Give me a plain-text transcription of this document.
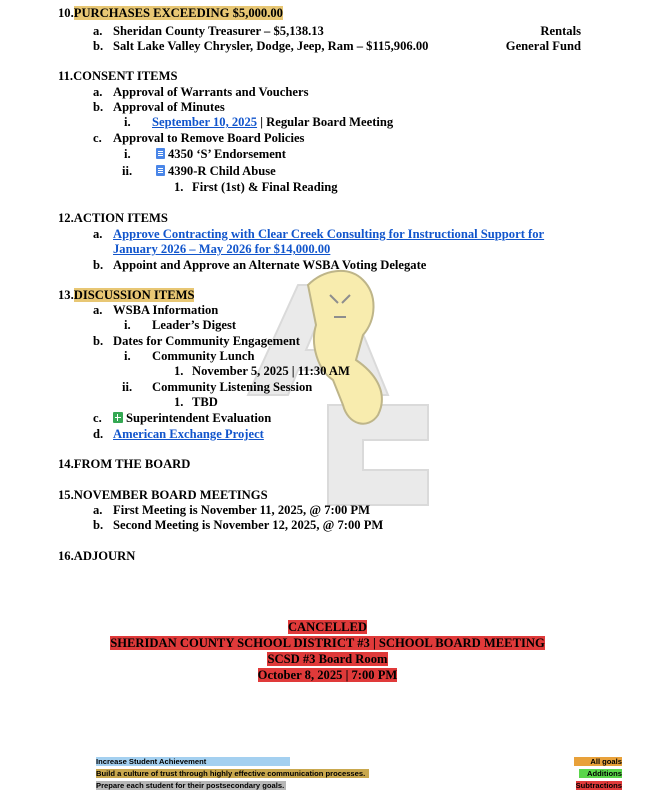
10.PURCHASES EXCEEDING $5,000.00
a. Sheridan County Treasurer – $5,138.13	Rentals
b. Salt Lake Valley Chrysler, Dodge, Jeep, Ram – $115,906.00	General Fund
11.CONSENT ITEMS
a. Approval of Warrants and Vouchers
b. Approval of Minutes
i. September 10, 2025 | Regular Board Meeting
c. Approval to Remove Board Policies
i.	4350 ‘S’ Endorsement
ii.	4390-R Child Abuse
1. First (1st) & Final Reading
12.ACTION ITEMS
a. Approve Contracting with Clear Creek Consulting for Instructional Support for
January 2026 – May 2026 for $14,000.00
b. Appoint and Approve an Alternate WSBA Voting Delegate
13.DISCUSSION ITEMS
a. WSBA Information
i. Leader’s Digest
b. Dates for Community Engagement
i. Community Lunch
1. November 5, 2025 | 11:30 AM
ii. Community Listening Session
1. TBD
c.	Superintendent Evaluation
d. American Exchange Project
14.FROM THE BOARD
15.NOVEMBER BOARD MEETINGS
a. First Meeting is November 11, 2025, @ 7:00 PM
b. Second Meeting is November 12, 2025, @ 7:00 PM
16.ADJOURN
CANCELLED
SHERIDAN COUNTY SCHOOL DISTRICT #3 | SCHOOL BOARD MEETING
SCSD #3 Board Room
October 8, 2025 | 7:00 PM
Increase Student Achievement
Build a culture of trust through highly effective communication processes.
Prepare each student for their postsecondary goals.
All goals
Additions
Subtractions
